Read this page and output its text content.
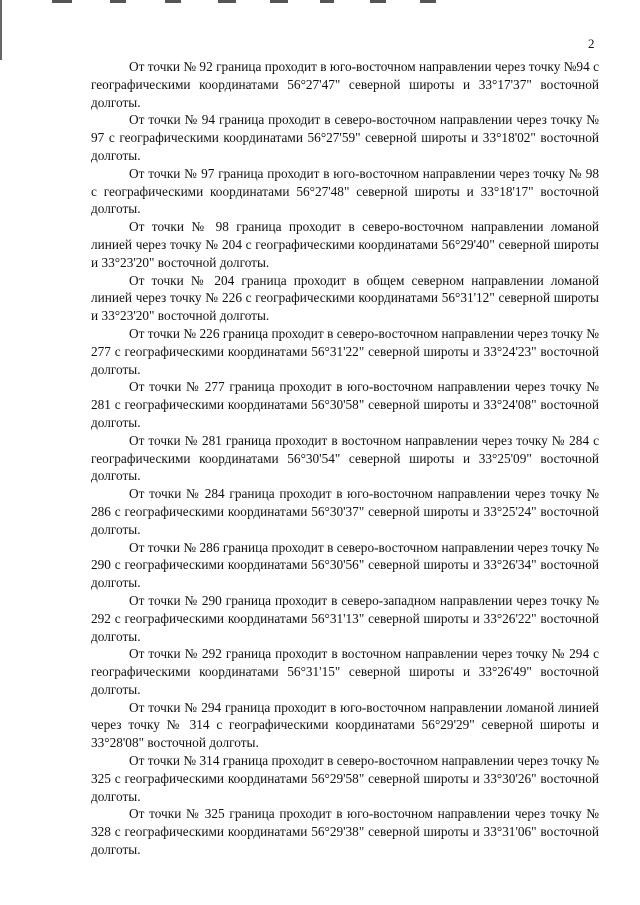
2

От точки № 92 граница проходит в юго-восточном направлении через точку №94 с географическими координатами 56°27'47" северной широты и 33°17'37" восточной долготы.

От точки № 94 граница проходит в северо-восточном направлении через точку № 97 с географическими координатами 56°27'59" северной широты и 33°18'02" восточной долготы.

От точки № 97 граница проходит в юго-восточном направлении через точку № 98 с географическими координатами 56°27'48" северной широты и 33°18'17" восточной долготы.

От точки № 98 граница проходит в северо-восточном направлении ломаной линией через точку № 204 с географическими координатами 56°29'40" северной широты и 33°23'20" восточной долготы.

От точки № 204 граница проходит в общем северном направлении ломаной линией через точку № 226 с географическими координатами 56°31'12" северной широты и 33°23'20" восточной долготы.

От точки № 226 граница проходит в северо-восточном направлении через точку № 277 с географическими координатами 56°31'22" северной широты и 33°24'23" восточной долготы.

От точки № 277 граница проходит в юго-восточном направлении через точку № 281 с географическими координатами 56°30'58" северной широты и 33°24'08" восточной долготы.

От точки № 281 граница проходит в восточном направлении через точку № 284 с географическими координатами 56°30'54" северной широты и 33°25'09" восточной долготы.

От точки № 284 граница проходит в юго-восточном направлении через точку № 286 с географическими координатами 56°30'37" северной широты и 33°25'24" восточной долготы.

От точки № 286 граница проходит в северо-восточном направлении через точку № 290 с географическими координатами 56°30'56" северной широты и 33°26'34" восточной долготы.

От точки № 290 граница проходит в северо-западном направлении через точку № 292 с географическими координатами 56°31'13" северной широты и 33°26'22" восточной долготы.

От точки № 292 граница проходит в восточном направлении через точку № 294 с географическими координатами 56°31'15" северной широты и 33°26'49" восточной долготы.

От точки № 294 граница проходит в юго-восточном направлении ломаной линией через точку № 314 с географическими координатами 56°29'29" северной широты и 33°28'08" восточной долготы.

От точки № 314 граница проходит в северо-восточном направлении через точку № 325 с географическими координатами 56°29'58" северной широты и 33°30'26" восточной долготы.

От точки № 325 граница проходит в юго-восточном направлении через точку № 328 с географическими координатами 56°29'38" северной широты и 33°31'06" восточной долготы.
